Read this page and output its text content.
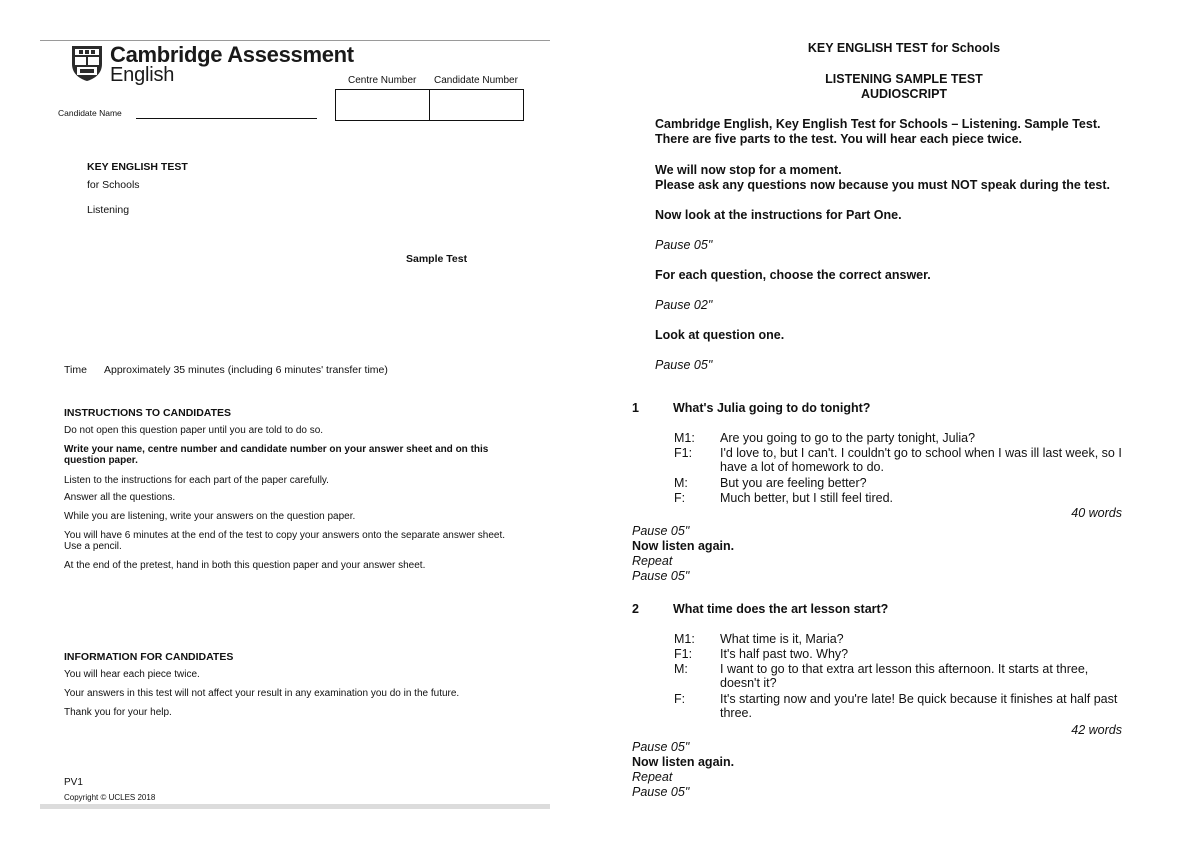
Cambridge Assessment
English	Centre Number Candidate Number
Candidate Name
KEY ENGLISH TEST
for Schools
Listening
Sample Test
Time Approximately 35 minutes (including 6 minutes' transfer time)
INSTRUCTIONS TO CANDIDATES
Do not open this question paper until you are told to do so.
Write your name, centre number and candidate number on your answer sheet and on this question paper.
Listen to the instructions for each part of the paper carefully.
Answer all the questions.
While you are listening, write your answers on the question paper.
You will have 6 minutes at the end of the test to copy your answers onto the separate answer sheet. Use a pencil.
At the end of the pretest, hand in both this question paper and your answer sheet.
INFORMATION FOR CANDIDATES
You will hear each piece twice.
Your answers in this test will not affect your result in any examination you do in the future.
Thank you for your help.
PV1
Copyright © UCLES 2018
KEY ENGLISH TEST for Schools
LISTENING SAMPLE TEST
AUDIOSCRIPT
Cambridge English, Key English Test for Schools – Listening. Sample Test.
There are five parts to the test. You will hear each piece twice.
We will now stop for a moment.
Please ask any questions now because you must NOT speak during the test.
Now look at the instructions for Part One.
Pause 05"
For each question, choose the correct answer.
Pause 02"
Look at question one.
Pause 05"
1	What's Julia going to do tonight?
M1: Are you going to go to the party tonight, Julia?
F1: I'd love to, but I can't. I couldn't go to school when I was ill last week, so I have a lot of homework to do.
M:	But you are feeling better?
F:	Much better, but I still feel tired.
40 words
Pause 05"
Now listen again.
Repeat
Pause 05"
2	What time does the art lesson start?
M1: What time is it, Maria?
F1: It's half past two. Why?
M:	I want to go to that extra art lesson this afternoon. It starts at three, doesn't it?
F:	It's starting now and you're late! Be quick because it finishes at half past three.
42 words
Pause 05"
Now listen again.
Repeat
Pause 05"
